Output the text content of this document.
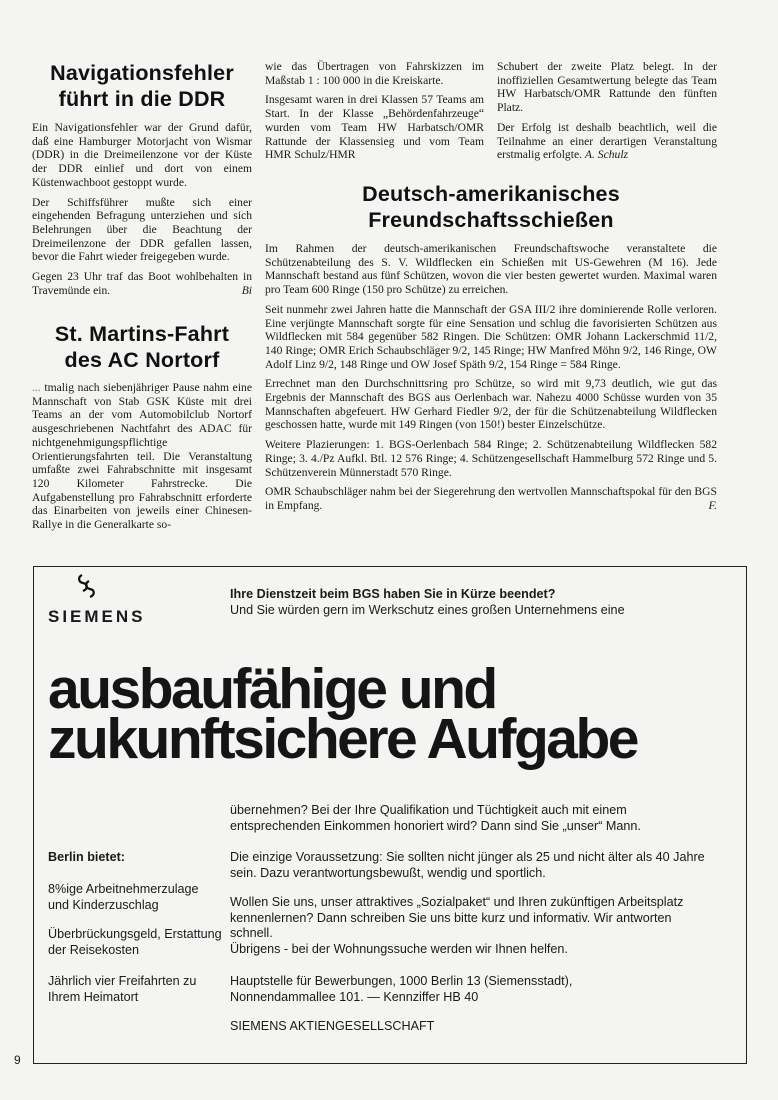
Navigationsfehler
führt in die DDR

Ein Navigationsfehler war der Grund dafür, daß eine Hamburger Motorjacht von Wismar (DDR) in die Dreimeilenzone vor der Küste der DDR einlief und dort von einem Küstenwachboot gestoppt wurde.

Der Schiffsführer mußte sich einer eingehenden Befragung unterziehen und sich Belehrungen über die Beachtung der Dreimeilenzone der DDR gefallen lassen, bevor die Fahrt wieder freigegeben wurde.

Gegen 23 Uhr traf das Boot wohlbehalten in Travemünde ein.	Bi

St. Martins-Fahrt
des AC Nortorf

... tmalig nach siebenjähriger Pause nahm eine Mannschaft von Stab GSK Küste mit drei Teams an der vom Automobilclub Nortorf ausgeschriebenen Nachtfahrt des ADAC für nichtgenehmigungspflichtige Orientierungsfahrten teil. Die Veranstaltung umfaßte zwei Fahrabschnitte mit insgesamt 120 Kilometer Fahrstrecke. Die Aufgabenstellung pro Fahrabschnitt erforderte das Einarbeiten von jeweils einer Chinesen-Rallye in die Generalkarte so-

wie das Übertragen von Fahrskizzen im Maßstab 1 : 100 000 in die Kreiskarte.

Insgesamt waren in drei Klassen 57 Teams am Start. In der Klasse „Behördenfahrzeuge“ wurden vom Team HW Harbatsch/OMR Rattunde der Klassensieg und vom Team HMR Schulz/HMR

Schubert der zweite Platz belegt. In der inoffiziellen Gesamtwertung belegte das Team HW Harbatsch/OMR Rattunde den fünften Platz.

Der Erfolg ist deshalb beachtlich, weil die Teilnahme an einer derartigen Veranstaltung erstmalig erfolgte. A. Schulz

Deutsch-amerikanisches
Freundschaftsschießen

Im Rahmen der deutsch-amerikanischen Freundschaftswoche veranstaltete die Schützenabteilung des S. V. Wildflecken ein Schießen mit US-Gewehren (M 16). Jede Mannschaft bestand aus fünf Schützen, wovon die vier besten gewertet wurden. Maximal waren pro Team 600 Ringe (150 pro Schütze) zu erreichen.

Seit nunmehr zwei Jahren hatte die Mannschaft der GSA III/2 ihre dominierende Rolle verloren. Eine verjüngte Mannschaft sorgte für eine Sensation und schlug die favorisierten Schützen aus Wildflecken mit 584 gegenüber 582 Ringen. Die Schützen: OMR Johann Lackerschmid 11/2, 140 Ringe; OMR Erich Schaubschläger 9/2, 145 Ringe; HW Manfred Möhn 9/2, 146 Ringe, OW Adolf Linz 9/2, 148 Ringe und OW Josef Späth 9/2, 154 Ringe = 584 Ringe.

Errechnet man den Durchschnittsring pro Schütze, so wird mit 9,73 deutlich, wie gut das Ergebnis der Mannschaft des BGS aus Oerlenbach war. Nahezu 4000 Schüsse wurden von 35 Mannschaften abgefeuert. HW Gerhard Fiedler 9/2, der für die Schützenabteilung Wildflecken geschossen hatte, wurde mit 149 Ringen (von 150!) bester Einzelschütze.

Weitere Plazierungen: 1. BGS-Oerlenbach 584 Ringe; 2. Schützenabteilung Wildflecken 582 Ringe; 3. 4./Pz Aufkl. Btl. 12 576 Ringe; 4. Schützengesellschaft Hammelburg 572 Ringe und 5. Schützenverein Münnerstadt 570 Ringe.

OMR Schaubschläger nahm bei der Siegerehrung den wertvollen Mannschaftspokal für den BGS in Empfang.	F.

SIEMENS
Ihre Dienstzeit beim BGS haben Sie in Kürze beendet?
Und Sie würden gern im Werkschutz eines großen Unternehmens eine
ausbaufähige und
zukunftsichere Aufgabe
übernehmen? Bei der Ihre Qualifikation und Tüchtigkeit auch mit einem entsprechenden Einkommen honoriert wird? Dann sind Sie „unser“ Mann.
Berlin bietet:
8%ige Arbeitnehmerzulage und Kinderzuschlag
Überbrückungsgeld, Erstattung der Reisekosten
Jährlich vier Freifahrten zu Ihrem Heimatort
Die einzige Voraussetzung: Sie sollten nicht jünger als 25 und nicht älter als 40 Jahre sein. Dazu verantwortungsbewußt, wendig und sportlich.
Wollen Sie uns, unser attraktives „Sozialpaket“ und Ihren zukünftigen Arbeitsplatz kennenlernen? Dann schreiben Sie uns bitte kurz und informativ. Wir antworten schnell.
Übrigens - bei der Wohnungssuche werden wir Ihnen helfen.
Hauptstelle für Bewerbungen, 1000 Berlin 13 (Siemensstadt),
Nonnendammallee 101. — Kennziffer HB 40
SIEMENS AKTIENGESELLSCHAFT
9
